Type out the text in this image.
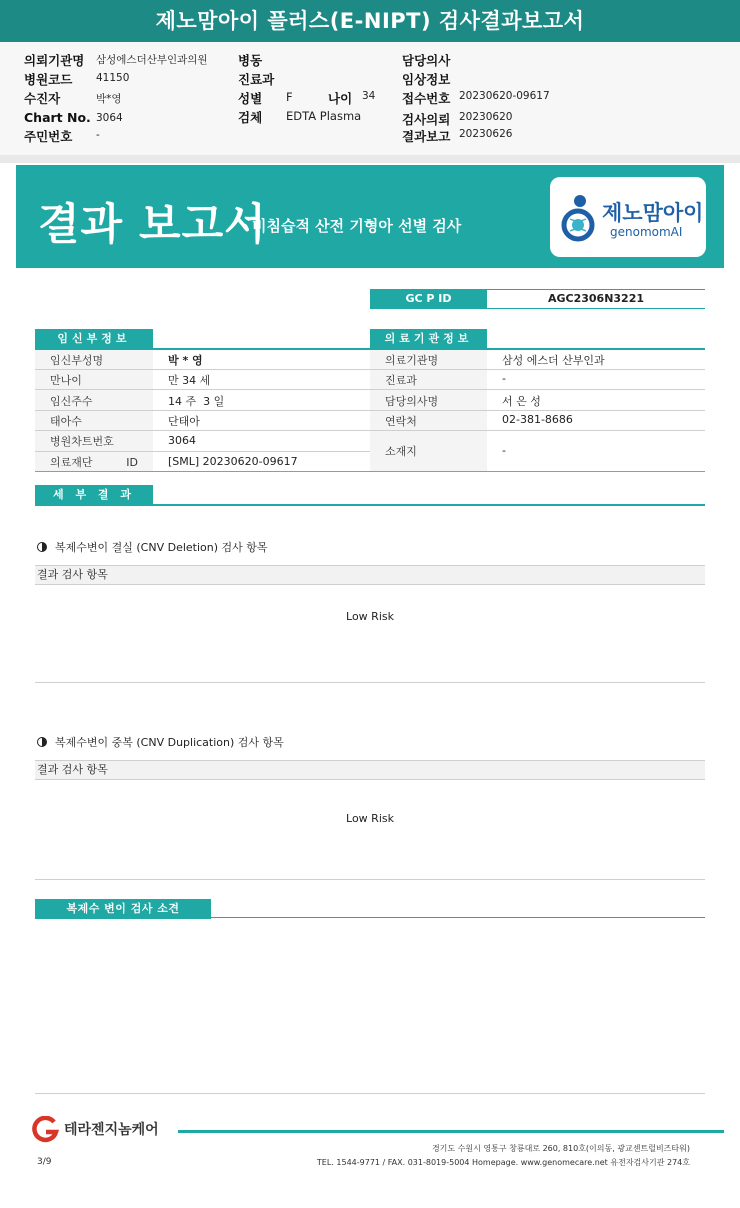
제노맘아이 플러스(E-NIPT) 검사결과보고서
의뢰기관명 삼성에스더산부인과의원
병원코드 41150
수진자	박*영
Chart No. 3064
주민번호 -
병동
진료과
성별 F	나이 34
검체 EDTA Plasma
담당의사
임상정보
접수번호 20230620-09617
검사의뢰 20230620
결과보고 20230626
결과 보고서
비침습적 산전 기형아 선별 검사
제노맘아이
genomomAI
GC P ID	AGC2306N3221
임신부정보
임신부성명	박 * 영
만나이	만 34 세
임신주수	14 주  3 일
태아수	단태아
병원차트번호	3064
의료재단 ID	[SML] 20230620-09617
의료기관정보
의료기관명	삼성 에스더 산부인과
진료과	-
담당의사명	서 은 성
연락처	02-381-8686
소재지	-
세 부 결 과
복제수변이 결실 (CNV Deletion) 검사 항목
결과 검사 항목
Low Risk
복제수변이 중복 (CNV Duplication) 검사 항목
결과 검사 항목
Low Risk
복제수 변이 검사 소견
테라젠지놈케어
경기도 수원시 영통구 창룡대로 260, 810호(이의동, 광교센트럴비즈타워)
TEL. 1544-9771 / FAX. 031-8019-5004 Homepage. www.genomecare.net 유전자검사기관 274호
3/9
